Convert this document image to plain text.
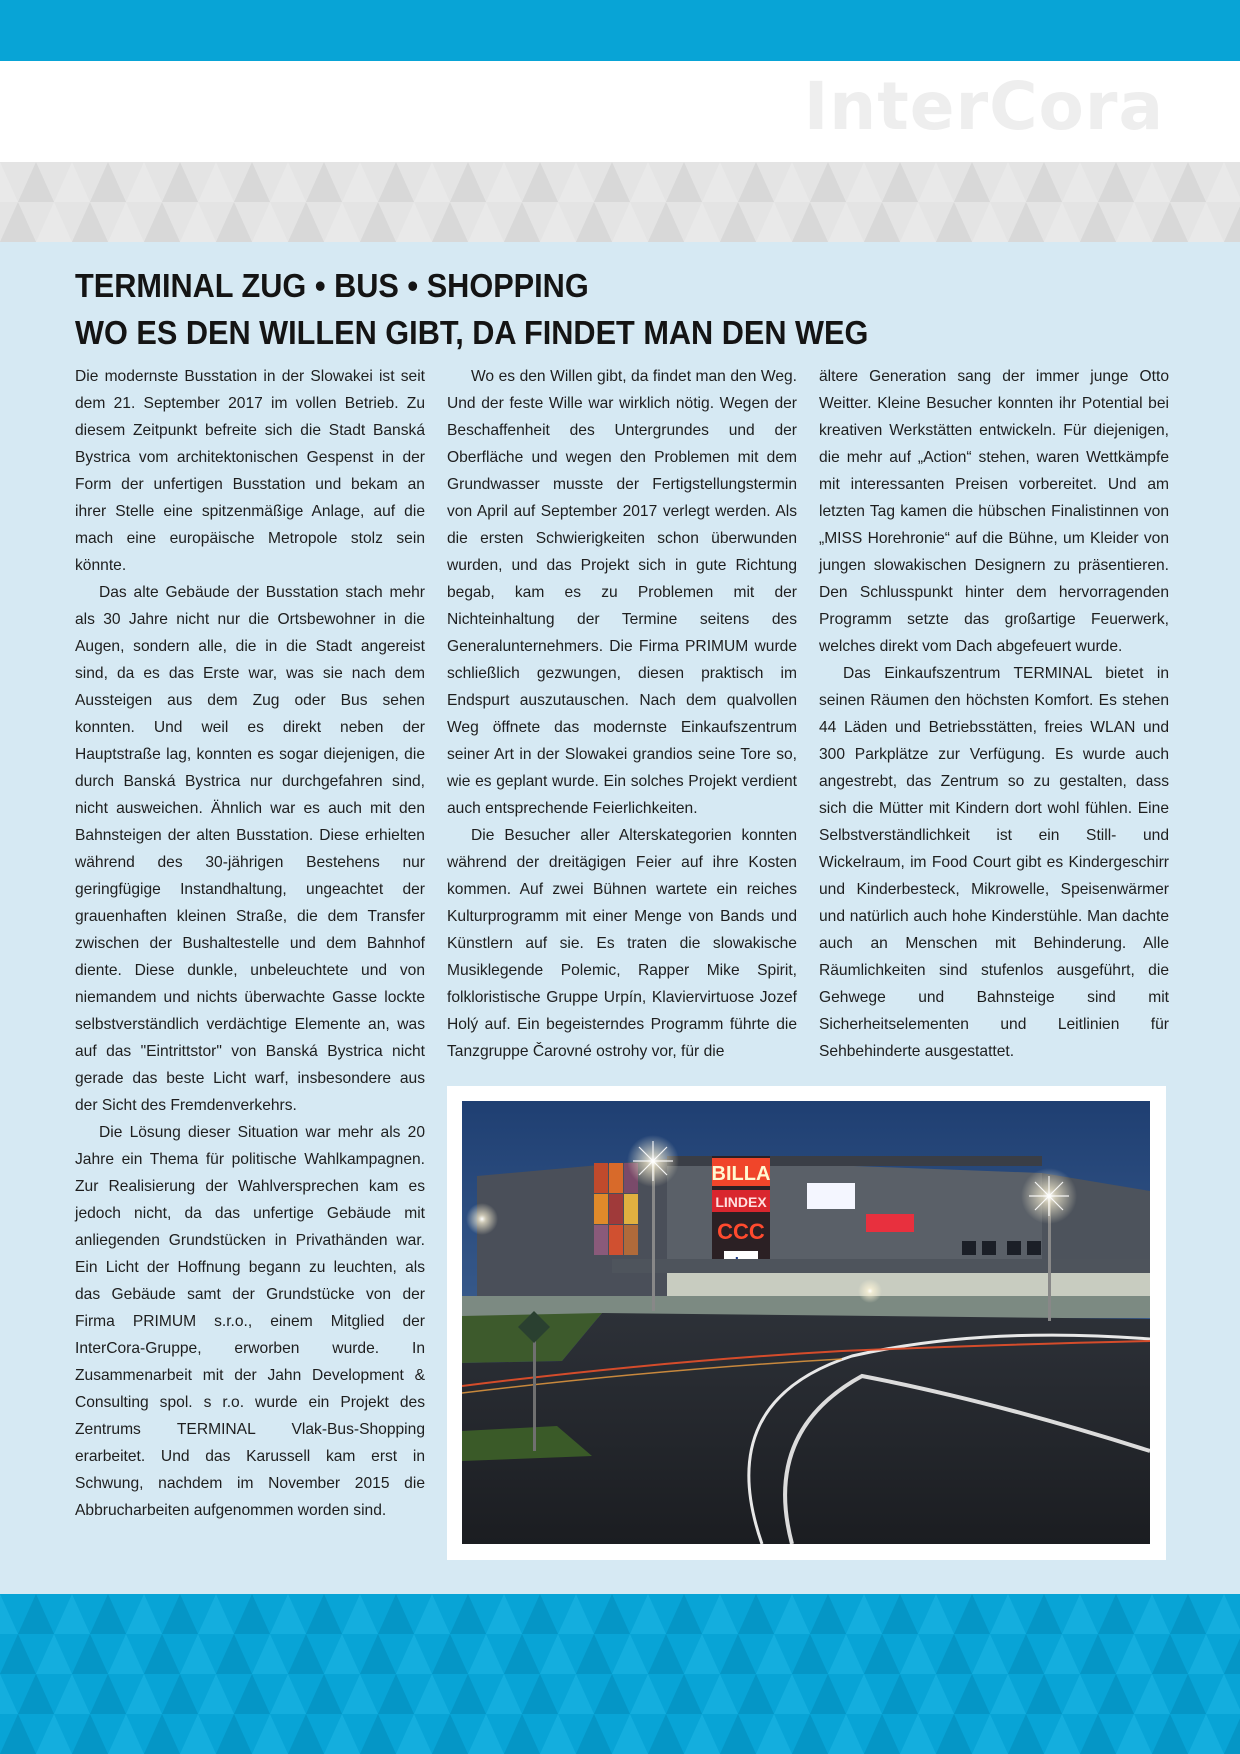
InterCora
TERMINAL ZUG • BUS • SHOPPING
WO ES DEN WILLEN GIBT, DA FINDET MAN DEN WEG

Die modernste Busstation in der Slowakei ist seit dem 21. September 2017 im vollen Betrieb. Zu diesem Zeitpunkt befreite sich die Stadt Banská Bystrica vom architektonischen Gespenst in der Form der unfertigen Busstation und bekam an ihrer Stelle eine spitzenmäßige Anlage, auf die mach eine europäische Metropole stolz sein könnte.

Das alte Gebäude der Busstation stach mehr als 30 Jahre nicht nur die Ortsbewohner in die Augen, sondern alle, die in die Stadt angereist sind, da es das Erste war, was sie nach dem Aussteigen aus dem Zug oder Bus sehen konnten. Und weil es direkt neben der Hauptstraße lag, konnten es sogar diejenigen, die durch Banská Bystrica nur durchgefahren sind, nicht ausweichen. Ähnlich war es auch mit den Bahnsteigen der alten Busstation. Diese erhielten während des 30-jährigen Bestehens nur geringfügige Instandhaltung, ungeachtet der grauenhaften kleinen Straße, die dem Transfer zwischen der Bushaltestelle und dem Bahnhof diente. Diese dunkle, unbeleuchtete und von niemandem und nichts überwachte Gasse lockte selbstverständlich verdächtige Elemente an, was auf das "Eintrittstor" von Banská Bystrica nicht gerade das beste Licht warf, insbesondere aus der Sicht des Fremdenverkehrs.

Die Lösung dieser Situation war mehr als 20 Jahre ein Thema für politische Wahlkampagnen. Zur Realisierung der Wahlversprechen kam es jedoch nicht, da das unfertige Gebäude mit anliegenden Grundstücken in Privathänden war. Ein Licht der Hoffnung begann zu leuchten, als das Gebäude samt der Grundstücke von der Firma PRIMUM s.r.o., einem Mitglied der InterCora-Gruppe, erworben wurde. In Zusammenarbeit mit der Jahn Development & Consulting spol. s r.o. wurde ein Projekt des Zentrums TERMINAL Vlak-Bus-Shopping erarbeitet. Und das Karussell kam erst in Schwung, nachdem im November 2015 die Abbrucharbeiten aufgenommen worden sind.

Wo es den Willen gibt, da findet man den Weg. Und der feste Wille war wirklich nötig. Wegen der Beschaffenheit des Untergrundes und der Oberfläche und wegen den Problemen mit dem Grundwasser musste der Fertigstellungstermin von April auf September 2017 verlegt werden. Als die ersten Schwierigkeiten schon überwunden wurden, und das Projekt sich in gute Richtung begab, kam es zu Problemen mit der Nichteinhaltung der Termine seitens des Generalunternehmers. Die Firma PRIMUM wurde schließlich gezwungen, diesen praktisch im Endspurt auszutauschen. Nach dem qualvollen Weg öffnete das modernste Einkaufszentrum seiner Art in der Slowakei grandios seine Tore so, wie es geplant wurde. Ein solches Projekt verdient auch entsprechende Feierlichkeiten.

Die Besucher aller Alterskategorien konnten während der dreitägigen Feier auf ihre Kosten kommen. Auf zwei Bühnen wartete ein reiches Kulturprogramm mit einer Menge von Bands und Künstlern auf sie. Es traten die slowakische Musiklegende Polemic, Rapper Mike Spirit, folkloristische Gruppe Urpín, Klaviervirtuose Jozef Holý auf. Ein begeisterndes Programm führte die Tanzgruppe Čarovné ostrohy vor, für die

ältere Generation sang der immer junge Otto Weitter. Kleine Besucher konnten ihr Potential bei kreativen Werkstätten entwickeln. Für diejenigen, die mehr auf „Action“ stehen, waren Wettkämpfe mit interessanten Preisen vorbereitet. Und am letzten Tag kamen die hübschen Finalistinnen von „MISS Horehronie“ auf die Bühne, um Kleider von jungen slowakischen Designern zu präsentieren. Den Schlusspunkt hinter dem hervorragenden Programm setzte das großartige Feuerwerk, welches direkt vom Dach abgefeuert wurde.

Das Einkaufszentrum TERMINAL bietet in seinen Räumen den höchsten Komfort. Es stehen 44 Läden und Betriebsstätten, freies WLAN und 300 Parkplätze zur Verfügung. Es wurde auch angestrebt, das Zentrum so zu gestalten, dass sich die Mütter mit Kindern dort wohl fühlen. Eine Selbstverständlichkeit ist ein Still- und Wickelraum, im Food Court gibt es Kindergeschirr und Kinderbesteck, Mikrowelle, Speisenwärmer und natürlich auch hohe Kinderstühle. Man dachte auch an Menschen mit Behinderung. Alle Räumlichkeiten sind stufenlos ausgeführt, die Gehwege und Bahnsteige sind mit Sicherheitselementen und Leitlinien für Sehbehinderte ausgestattet.

BILLA
LINDEX
CCC
